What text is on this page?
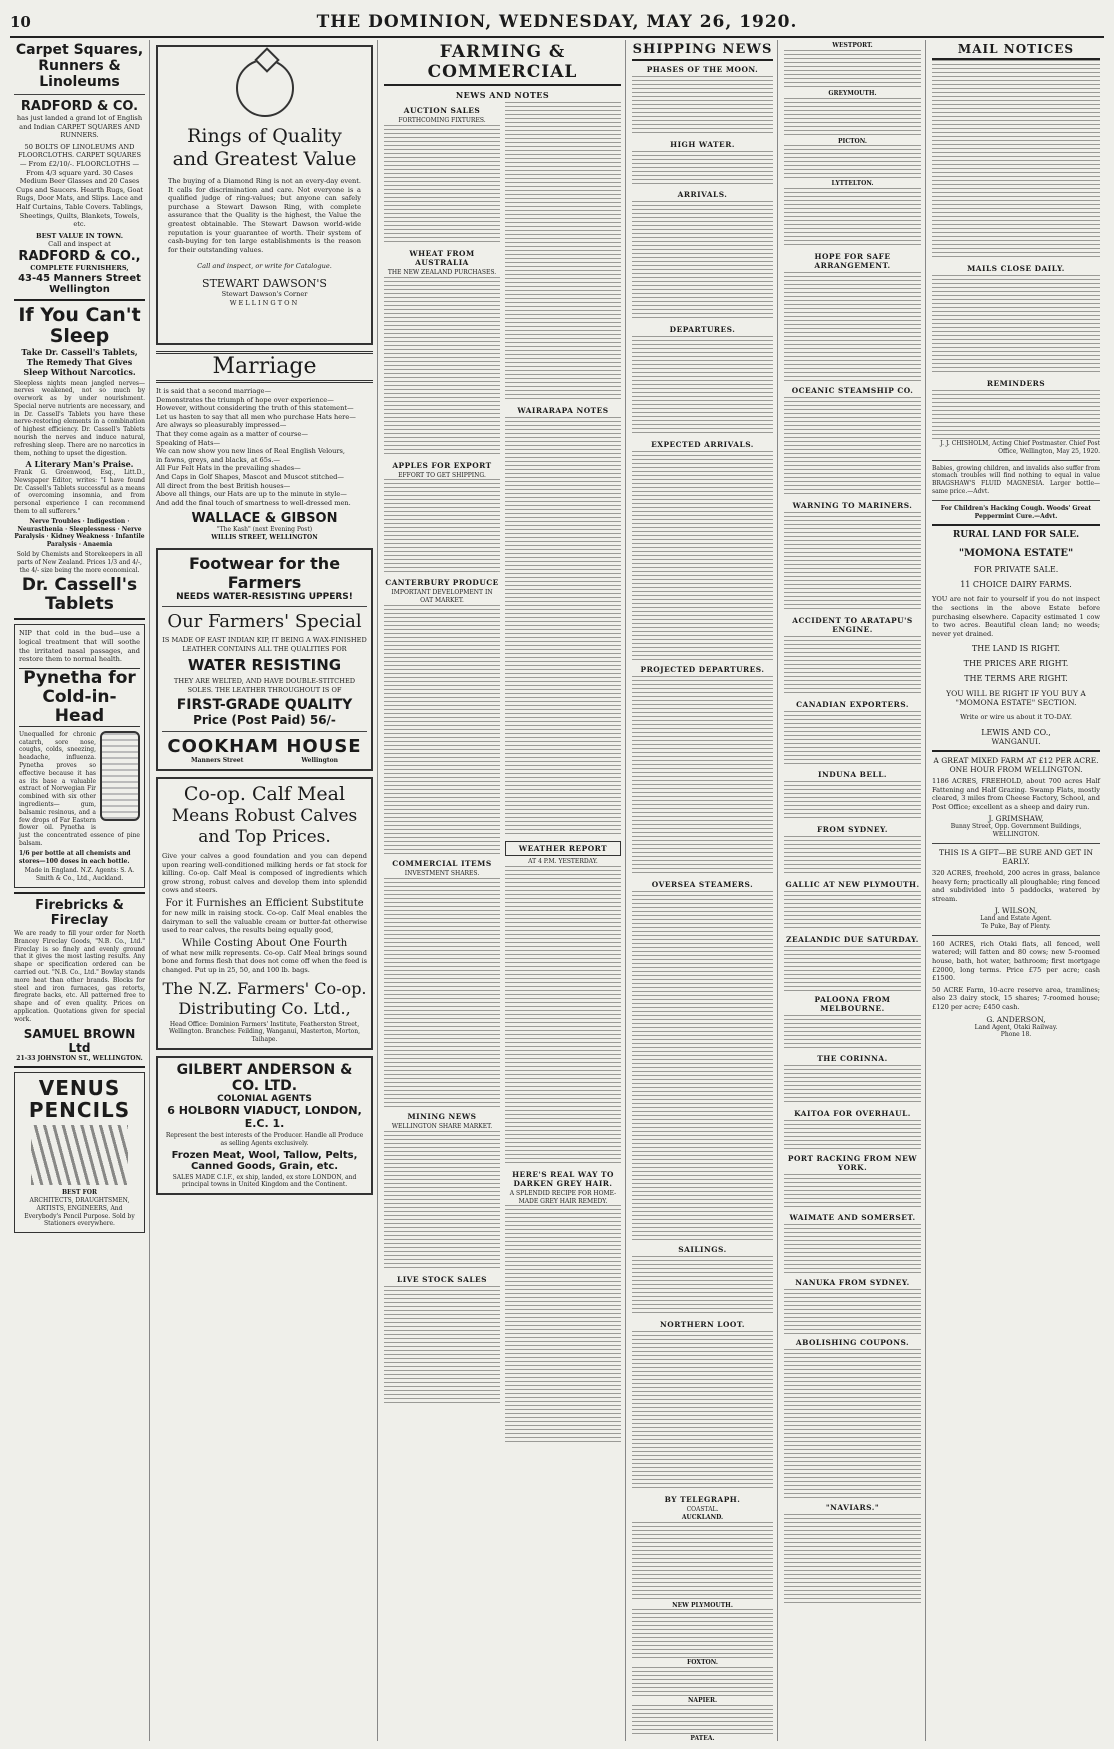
10	THE DOMINION, WEDNESDAY, MAY 26, 1920.
Carpet Squares, Runners & Linoleums
RADFORD & CO.
has just landed a grand lot of English and Indian CARPET SQUARES AND RUNNERS.
50 BOLTS OF LINOLEUMS AND FLOORCLOTHS. CARPET SQUARES — From £2/10/-. FLOORCLOTHS — From 4/3 square yard. 30 Cases Medium Beer Glasses and 20 Cases Cups and Saucers. Hearth Rugs, Goat Rugs, Door Mats, and Slips. Lace and Half Curtains, Table Covers. Tablings, Sheetings, Quilts, Blankets, Towels, etc.
BEST VALUE IN TOWN.
Call and inspect at
RADFORD & CO.,
COMPLETE FURNISHERS,
43-45 Manners Street Wellington
If You Can't Sleep
Take Dr. Cassell's Tablets, The Remedy That Gives Sleep Without Narcotics.
Sleepless nights mean jangled nerves—nerves weakened, not so much by overwork as by under nourishment. Special nerve nutrients are necessary, and in Dr. Cassell's Tablets you have these nerve-restoring elements in a combination of highest efficiency. Dr. Cassell's Tablets nourish the nerves and induce natural, refreshing sleep. There are no narcotics in them, nothing to upset the digestion.
A Literary Man's Praise.
Frank G. Greenwood, Esq., Litt.D., Newspaper Editor, writes: "I have found Dr. Cassell's Tablets successful as a means of overcoming insomnia, and from personal experience I can recommend them to all sufferers."
Nerve Troubles · Indigestion · Neurasthenia · Sleeplessness · Nerve Paralysis · Kidney Weakness · Infantile Paralysis · Anaemia
Sold by Chemists and Storekeepers in all parts of New Zealand. Prices 1/3 and 4/-, the 4/- size being the more economical.
Dr. Cassell's Tablets
NIP that cold in the bud—use a logical treatment that will soothe the irritated nasal passages, and restore them to normal health.
Pynetha for Cold-in-Head
Unequalled for chronic catarrh, sore nose, coughs, colds, sneezing, headache, influenza. Pynetha proves so effective because it has as its base a valuable extract of Norwegian Fir combined with six other ingredients— gum, balsamic resinous, and a few drops of Far Eastern flower oil. Pynetha is just the concentrated essence of pine balsam.
1/6 per bottle at all chemists and stores—100 doses in each bottle.
Made in England. N.Z. Agents: S. A. Smith & Co., Ltd., Auckland.
Firebricks & Fireclay
We are ready to fill your order for North Brancey Fireclay Goods, "N.B. Co., Ltd." Fireclay is so finely and evenly ground that it gives the most lasting results. Any shape or specification ordered can be carried out. "N.B. Co., Ltd." Bowlay stands more heat than other brands. Blocks for steel and iron furnaces, gas retorts, firegrate backs, etc. All patterned free to shape and of even quality. Prices on application. Quotations given for special work.
SAMUEL BROWN Ltd
21-33 JOHNSTON ST., WELLINGTON.
VENUS PENCILS
BEST FOR
ARCHITECTS, DRAUGHTSMEN, ARTISTS, ENGINEERS, And Everybody's Pencil Purpose. Sold by Stationers everywhere.
Rings of Quality
and Greatest Value
The buying of a Diamond Ring is not an every-day event. It calls for discrimination and care. Not everyone is a qualified judge of ring-values; but anyone can safely purchase a Stewart Dawson Ring, with complete assurance that the Quality is the highest, the Value the greatest obtainable. The Stewart Dawson world-wide reputation is your guarantee of worth. Their system of cash-buying for ten large establishments is the reason for their outstanding values.
Call and inspect, or write for Catalogue.
STEWART DAWSON'S
Stewart Dawson's Corner
WELLINGTON
Marriage
It is said that a second marriage—
Demonstrates the triumph of hope over experience—
However, without considering the truth of this statement—
Let us hasten to say that all men who purchase Hats here—
Are always so pleasurably impressed—
That they come again as a matter of course—
Speaking of Hats—
We can now show you new lines of Real English Velours,
in fawns, greys, and blacks, at 65s.—
All Fur Felt Hats in the prevailing shades—
And Caps in Golf Shapes, Mascot and Muscot stitched—
All direct from the best British houses—
Above all things, our Hats are up to the minute in style—
And add the final touch of smartness to well-dressed men.
WALLACE & GIBSON
"The Kash" (next Evening Post)
WILLIS STREET, WELLINGTON
Footwear for the Farmers
NEEDS WATER-RESISTING UPPERS!
Our Farmers' Special
IS MADE OF EAST INDIAN KIP, IT BEING A WAX-FINISHED LEATHER CONTAINS ALL THE QUALITIES FOR
WATER RESISTING
THEY ARE WELTED, AND HAVE DOUBLE-STITCHED SOLES. THE LEATHER THROUGHOUT IS OF
FIRST-GRADE QUALITY
Price (Post Paid) 56/-
COOKHAM HOUSE
Manners Street	Wellington
Co-op. Calf Meal
Means Robust Calves and Top Prices.
Give your calves a good foundation and you can depend upon rearing well-conditioned milking herds or fat stock for killing. Co-op. Calf Meal is composed of ingredients which grow strong, robust calves and develop them into splendid cows and steers.
For it Furnishes an Efficient Substitute
for new milk in raising stock. Co-op. Calf Meal enables the dairyman to sell the valuable cream or butter-fat otherwise used to rear calves, the results being equally good,
While Costing About One Fourth
of what new milk represents. Co-op. Calf Meal brings sound bone and forms flesh that does not come off when the feed is changed. Put up in 25, 50, and 100 lb. bags.
The N.Z. Farmers' Co-op. Distributing Co. Ltd.,
Head Office: Dominion Farmers' Institute, Featherston Street, Wellington. Branches: Feilding, Wanganui, Masterton, Morton, Taihape.
GILBERT ANDERSON & CO. LTD.
COLONIAL AGENTS
6 HOLBORN VIADUCT, LONDON, E.C. 1.
Represent the best interests of the Producer. Handle all Produce as selling Agents exclusively.
Frozen Meat, Wool, Tallow, Pelts, Canned Goods, Grain, etc.
SALES MADE C.I.F., ex ship, landed, ex store LONDON, and principal towns in United Kingdom and the Continent.
FARMING & COMMERCIAL
NEWS AND NOTES
AUCTION SALES
FORTHCOMING FIXTURES.
WHEAT FROM AUSTRALIA
THE NEW ZEALAND PURCHASES.
APPLES FOR EXPORT
EFFORT TO GET SHIPPING.
CANTERBURY PRODUCE
IMPORTANT DEVELOPMENT IN OAT MARKET.
COMMERCIAL ITEMS
INVESTMENT SHARES.
MINING NEWS
WELLINGTON SHARE MARKET.
LIVE STOCK SALES
WAIRARAPA NOTES
WEATHER REPORT
AT 4 P.M. YESTERDAY.
HERE'S REAL WAY TO DARKEN GREY HAIR.
A SPLENDID RECIPE FOR HOME-MADE GREY HAIR REMEDY.
SHIPPING NEWS
PHASES OF THE MOON.
HIGH WATER.
ARRIVALS.
DEPARTURES.
EXPECTED ARRIVALS.
PROJECTED DEPARTURES.
OVERSEA STEAMERS.
SAILINGS.
NORTHERN LOOT.
BY TELEGRAPH.
COASTAL.
AUCKLAND.
NEW PLYMOUTH.
FOXTON.
NAPIER.
PATEA.
WESTPORT.
GREYMOUTH.
PICTON.
LYTTELTON.
HOPE FOR SAFE ARRANGEMENT.
OCEANIC STEAMSHIP CO.
WARNING TO MARINERS.
ACCIDENT TO ARATAPU'S ENGINE.
CANADIAN EXPORTERS.
INDUNA BELL.
FROM SYDNEY.
GALLIC AT NEW PLYMOUTH.
ZEALANDIC DUE SATURDAY.
PALOONA FROM MELBOURNE.
THE CORINNA.
KAITOA FOR OVERHAUL.
PORT RACKING FROM NEW YORK.
WAIMATE AND SOMERSET.
NANUKA FROM SYDNEY.
ABOLISHING COUPONS.
"NAVIARS."
MAIL NOTICES
MAILS CLOSE DAILY.
REMINDERS
J. J. CHISHOLM, Acting Chief Postmaster. Chief Post Office, Wellington, May 25, 1920.
Babies, growing children, and invalids also suffer from stomach troubles will find nothing to equal in value BRAGSHAW'S FLUID MAGNESIA. Larger bottle—same price.—Advt.
For Children's Hacking Cough. Woods' Great Peppermint Cure.—Advt.
RURAL LAND FOR SALE.
"MOMONA ESTATE"
FOR PRIVATE SALE.
11 CHOICE DAIRY FARMS.
YOU are not fair to yourself if you do not inspect the sections in the above Estate before purchasing elsewhere. Capacity estimated 1 cow to two acres. Beautiful clean land; no weeds; never yet drained.
THE LAND IS RIGHT.
THE PRICES ARE RIGHT.
THE TERMS ARE RIGHT.
YOU WILL BE RIGHT IF YOU BUY A "MOMONA ESTATE" SECTION.
Write or wire us about it TO-DAY.
LEWIS AND CO.,
WANGANUI.
A GREAT MIXED FARM AT £12 PER ACRE.
ONE HOUR FROM WELLINGTON.
1186 ACRES, FREEHOLD, about 700 acres Half Fattening and Half Grazing. Swamp Flats, mostly cleared, 3 miles from Cheese Factory, School, and Post Office; excellent as a sheep and dairy run.
J. GRIMSHAW,
Bunny Street, Opp. Government Buildings, WELLINGTON.
THIS IS A GIFT—BE SURE AND GET IN EARLY.
320 ACRES, freehold, 200 acres in grass, balance heavy fern; practically all ploughable; ring fenced and subdivided into 5 paddocks, watered by stream.
J. WILSON,
Land and Estate Agent.
Te Puke, Bay of Plenty.
160 ACRES, rich Otaki flats, all fenced, well watered; will fatten and 80 cows; new 5-roomed house, bath, hot water, bathroom; first mortgage £2000, long terms. Price £75 per acre; cash £1500.
50 ACRE Farm, 10-acre reserve area, tramlines; also 23 dairy stock, 15 shares; 7-roomed house; £120 per acre; £450 cash.
G. ANDERSON,
Land Agent, Otaki Railway.
Phone 18.
